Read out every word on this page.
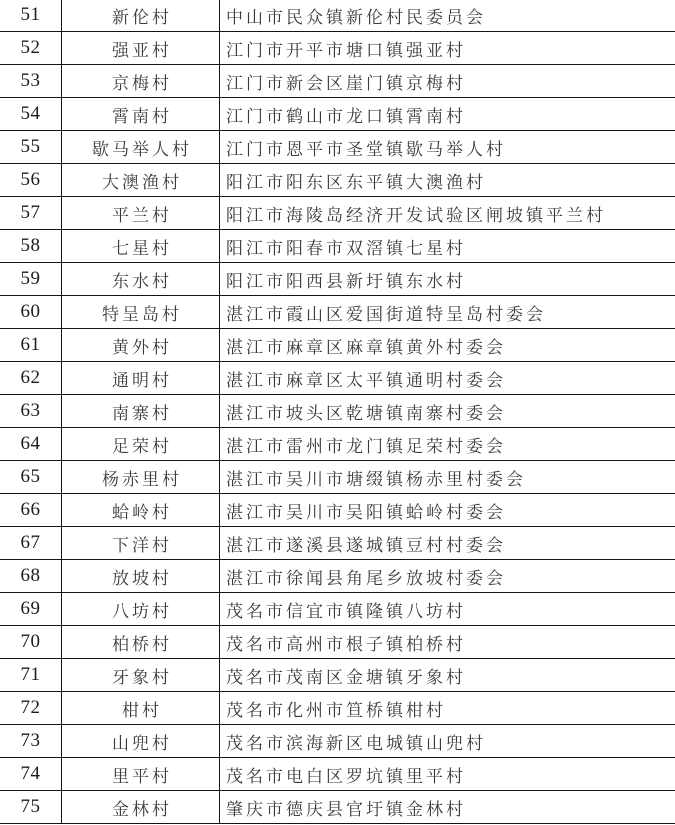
51	新伦村	中山市民众镇新伦村民委员会
52	强亚村	江门市开平市塘口镇强亚村
53	京梅村	江门市新会区崖门镇京梅村
54	霄南村	江门市鹤山市龙口镇霄南村
55	歇马举人村	江门市恩平市圣堂镇歇马举人村
56	大澳渔村	阳江市阳东区东平镇大澳渔村
57	平兰村	阳江市海陵岛经济开发试验区闸坡镇平兰村
58	七星村	阳江市阳春市双滘镇七星村
59	东水村	阳江市阳西县新圩镇东水村
60	特呈岛村	湛江市霞山区爱国街道特呈岛村委会
61	黄外村	湛江市麻章区麻章镇黄外村委会
62	通明村	湛江市麻章区太平镇通明村委会
63	南寨村	湛江市坡头区乾塘镇南寨村委会
64	足荣村	湛江市雷州市龙门镇足荣村委会
65	杨赤里村	湛江市吴川市塘缀镇杨赤里村委会
66	蛤岭村	湛江市吴川市吴阳镇蛤岭村委会
67	下洋村	湛江市遂溪县遂城镇豆村村委会
68	放坡村	湛江市徐闻县角尾乡放坡村委会
69	八坊村	茂名市信宜市镇隆镇八坊村
70	柏桥村	茂名市高州市根子镇柏桥村
71	牙象村	茂名市茂南区金塘镇牙象村
72	柑村	茂名市化州市笪桥镇柑村
73	山兜村	茂名市滨海新区电城镇山兜村
74	里平村	茂名市电白区罗坑镇里平村
75	金林村	肇庆市德庆县官圩镇金林村
